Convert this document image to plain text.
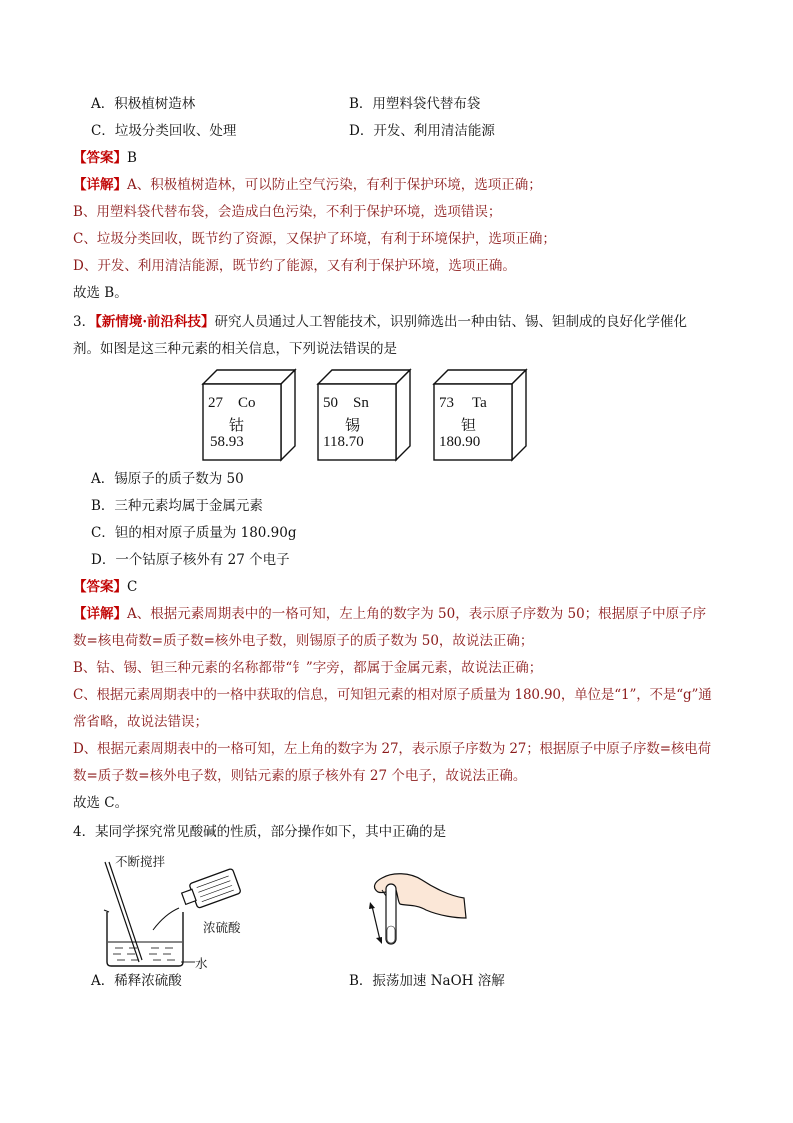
A．积极植树造林	B．用塑料袋代替布袋
C．垃圾分类回收、处理	D．开发、利用清洁能源
【答案】B
【详解】A、积极植树造林，可以防止空气污染，有利于保护环境，选项正确；
B、用塑料袋代替布袋，会造成白色污染，不利于保护环境，选项错误；
C、垃圾分类回收，既节约了资源，又保护了环境，有利于环境保护，选项正确；
D、开发、利用清洁能源，既节约了能源，又有利于保护环境，选项正确。
故选 B。
3．【新情境·前沿科技】研究人员通过人工智能技术，识别筛选出一种由钴、锡、钽制成的良好化学催化
剂。如图是这三种元素的相关信息，下列说法错误的是
27 Co
钴
58.93
50 Sn
锡
118.70
73 Ta
钽
180.90
A．锡原子的质子数为 50
B．三种元素均属于金属元素
C．钽的相对原子质量为 180.90g
D．一个钴原子核外有 27 个电子
【答案】C
【详解】A、根据元素周期表中的一格可知，左上角的数字为 50，表示原子序数为 50；根据原子中原子序
数=核电荷数=质子数=核外电子数，则锡原子的质子数为 50，故说法正确；
B、钴、锡、钽三种元素的名称都带“钅”字旁，都属于金属元素，故说法正确；
C、根据元素周期表中的一格中获取的信息，可知钽元素的相对原子质量为 180.90，单位是“1”，不是“g”通
常省略，故说法错误；
D、根据元素周期表中的一格可知，左上角的数字为 27，表示原子序数为 27；根据原子中原子序数=核电荷
数=质子数=核外电子数，则钴元素的原子核外有 27 个电子，故说法正确。
故选 C。
4．某同学探究常见酸碱的性质，部分操作如下，其中正确的是
不断搅拌
浓硫酸
水
A．稀释浓硫酸	B．振荡加速 NaOH 溶解
